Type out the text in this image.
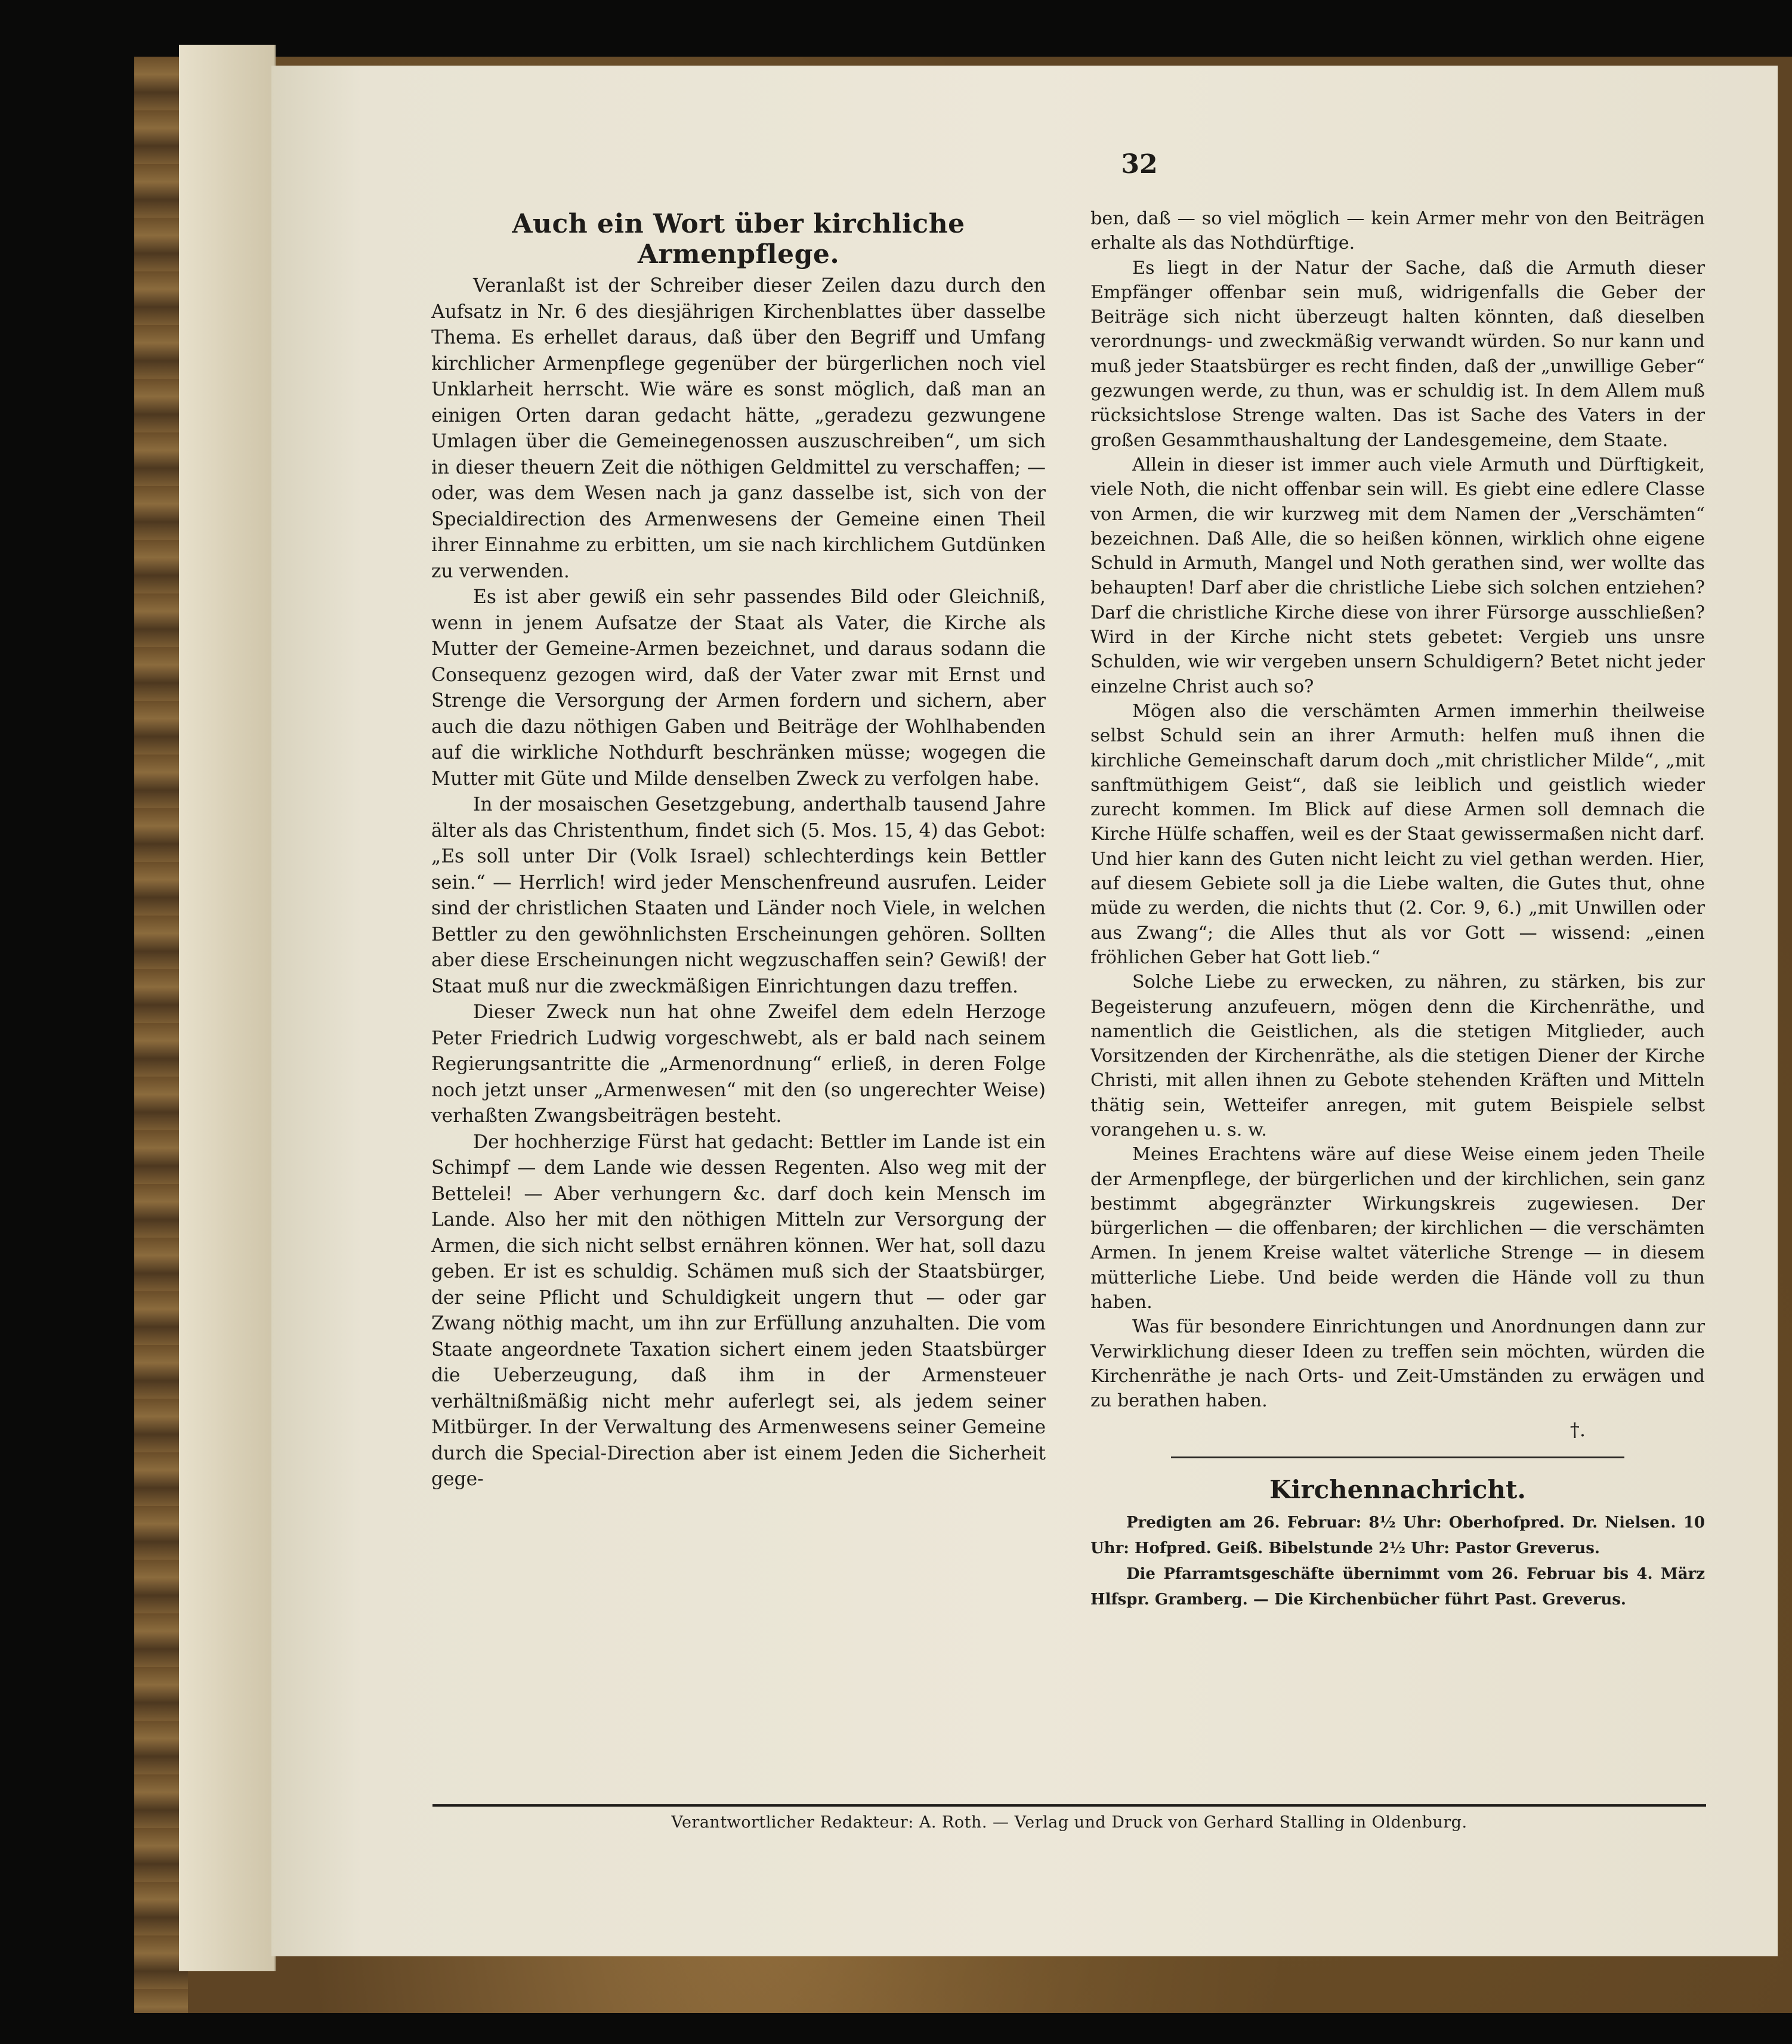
32
Auch ein Wort über kirchliche Armenpflege.

Veranlaßt ist der Schreiber dieser Zeilen dazu durch den Aufsatz in Nr. 6 des diesjährigen Kirchenblattes über dasselbe Thema. Es erhellet daraus, daß über den Begriff und Umfang kirchlicher Armenpflege gegenüber der bürgerlichen noch viel Unklarheit herrscht. Wie wäre es sonst möglich, daß man an einigen Orten daran gedacht hätte, „geradezu gezwungene Umlagen über die Gemeinegenossen auszuschreiben“, um sich in dieser theuern Zeit die nöthigen Geldmittel zu verschaffen; — oder, was dem Wesen nach ja ganz dasselbe ist, sich von der Specialdirection des Armenwesens der Gemeine einen Theil ihrer Einnahme zu erbitten, um sie nach kirchlichem Gutdünken zu verwenden.

Es ist aber gewiß ein sehr passendes Bild oder Gleichniß, wenn in jenem Aufsatze der Staat als Vater, die Kirche als Mutter der Gemeine-Armen bezeichnet, und daraus sodann die Consequenz gezogen wird, daß der Vater zwar mit Ernst und Strenge die Versorgung der Armen fordern und sichern, aber auch die dazu nöthigen Gaben und Beiträge der Wohlhabenden auf die wirkliche Nothdurft beschränken müsse; wogegen die Mutter mit Güte und Milde denselben Zweck zu verfolgen habe.

In der mosaischen Gesetzgebung, anderthalb tausend Jahre älter als das Christenthum, findet sich (5. Mos. 15, 4) das Gebot: „Es soll unter Dir (Volk Israel) schlechterdings kein Bettler sein.“ — Herrlich! wird jeder Menschenfreund ausrufen. Leider sind der christlichen Staaten und Länder noch Viele, in welchen Bettler zu den gewöhnlichsten Erscheinungen gehören. Sollten aber diese Erscheinungen nicht wegzuschaffen sein? Gewiß! der Staat muß nur die zweckmäßigen Einrichtungen dazu treffen.

Dieser Zweck nun hat ohne Zweifel dem edeln Herzoge Peter Friedrich Ludwig vorgeschwebt, als er bald nach seinem Regierungsantritte die „Armenordnung“ erließ, in deren Folge noch jetzt unser „Armenwesen“ mit den (so ungerechter Weise) verhaßten Zwangsbeiträgen besteht.

Der hochherzige Fürst hat gedacht: Bettler im Lande ist ein Schimpf — dem Lande wie dessen Regenten. Also weg mit der Bettelei! — Aber verhungern &c. darf doch kein Mensch im Lande. Also her mit den nöthigen Mitteln zur Versorgung der Armen, die sich nicht selbst ernähren können. Wer hat, soll dazu geben. Er ist es schuldig. Schämen muß sich der Staatsbürger, der seine Pflicht und Schuldigkeit ungern thut — oder gar Zwang nöthig macht, um ihn zur Erfüllung anzuhalten. Die vom Staate angeordnete Taxation sichert einem jeden Staatsbürger die Ueberzeugung, daß ihm in der Armensteuer verhältnißmäßig nicht mehr auferlegt sei, als jedem seiner Mitbürger. In der Verwaltung des Armenwesens seiner Gemeine durch die Special-Direction aber ist einem Jeden die Sicherheit gege-

ben, daß — so viel möglich — kein Armer mehr von den Beiträgen erhalte als das Nothdürftige.

Es liegt in der Natur der Sache, daß die Armuth dieser Empfänger offenbar sein muß, widrigenfalls die Geber der Beiträge sich nicht überzeugt halten könnten, daß dieselben verordnungs- und zweckmäßig verwandt würden. So nur kann und muß jeder Staatsbürger es recht finden, daß der „unwillige Geber“ gezwungen werde, zu thun, was er schuldig ist. In dem Allem muß rücksichtslose Strenge walten. Das ist Sache des Vaters in der großen Gesammthaushaltung der Landesgemeine, dem Staate.

Allein in dieser ist immer auch viele Armuth und Dürftigkeit, viele Noth, die nicht offenbar sein will. Es giebt eine edlere Classe von Armen, die wir kurzweg mit dem Namen der „Verschämten“ bezeichnen. Daß Alle, die so heißen können, wirklich ohne eigene Schuld in Armuth, Mangel und Noth gerathen sind, wer wollte das behaupten! Darf aber die christliche Liebe sich solchen entziehen? Darf die christliche Kirche diese von ihrer Fürsorge ausschließen? Wird in der Kirche nicht stets gebetet: Vergieb uns unsre Schulden, wie wir vergeben unsern Schuldigern? Betet nicht jeder einzelne Christ auch so?

Mögen also die verschämten Armen immerhin theilweise selbst Schuld sein an ihrer Armuth: helfen muß ihnen die kirchliche Gemeinschaft darum doch „mit christlicher Milde“, „mit sanftmüthigem Geist“, daß sie leiblich und geistlich wieder zurecht kommen. Im Blick auf diese Armen soll demnach die Kirche Hülfe schaffen, weil es der Staat gewissermaßen nicht darf. Und hier kann des Guten nicht leicht zu viel gethan werden. Hier, auf diesem Gebiete soll ja die Liebe walten, die Gutes thut, ohne müde zu werden, die nichts thut (2. Cor. 9, 6.) „mit Unwillen oder aus Zwang“; die Alles thut als vor Gott — wissend: „einen fröhlichen Geber hat Gott lieb.“

Solche Liebe zu erwecken, zu nähren, zu stärken, bis zur Begeisterung anzufeuern, mögen denn die Kirchenräthe, und namentlich die Geistlichen, als die stetigen Mitglieder, auch Vorsitzenden der Kirchenräthe, als die stetigen Diener der Kirche Christi, mit allen ihnen zu Gebote stehenden Kräften und Mitteln thätig sein, Wetteifer anregen, mit gutem Beispiele selbst vorangehen u. s. w.

Meines Erachtens wäre auf diese Weise einem jeden Theile der Armenpflege, der bürgerlichen und der kirchlichen, sein ganz bestimmt abgegränzter Wirkungskreis zugewiesen. Der bürgerlichen — die offenbaren; der kirchlichen — die verschämten Armen. In jenem Kreise waltet väterliche Strenge — in diesem mütterliche Liebe. Und beide werden die Hände voll zu thun haben.

Was für besondere Einrichtungen und Anordnungen dann zur Verwirklichung dieser Ideen zu treffen sein möchten, würden die Kirchenräthe je nach Orts- und Zeit-Umständen zu erwägen und zu berathen haben.

†.
Kirchennachricht.

Predigten am 26. Februar: 8½ Uhr: Oberhofpred. Dr. Nielsen. 10 Uhr: Hofpred. Geiß. Bibelstunde 2½ Uhr: Pastor Greverus.

Die Pfarramtsgeschäfte übernimmt vom 26. Februar bis 4. März Hlfspr. Gramberg. — Die Kirchenbücher führt Past. Greverus.

Verantwortlicher Redakteur: A. Roth. — Verlag und Druck von Gerhard Stalling in Oldenburg.
